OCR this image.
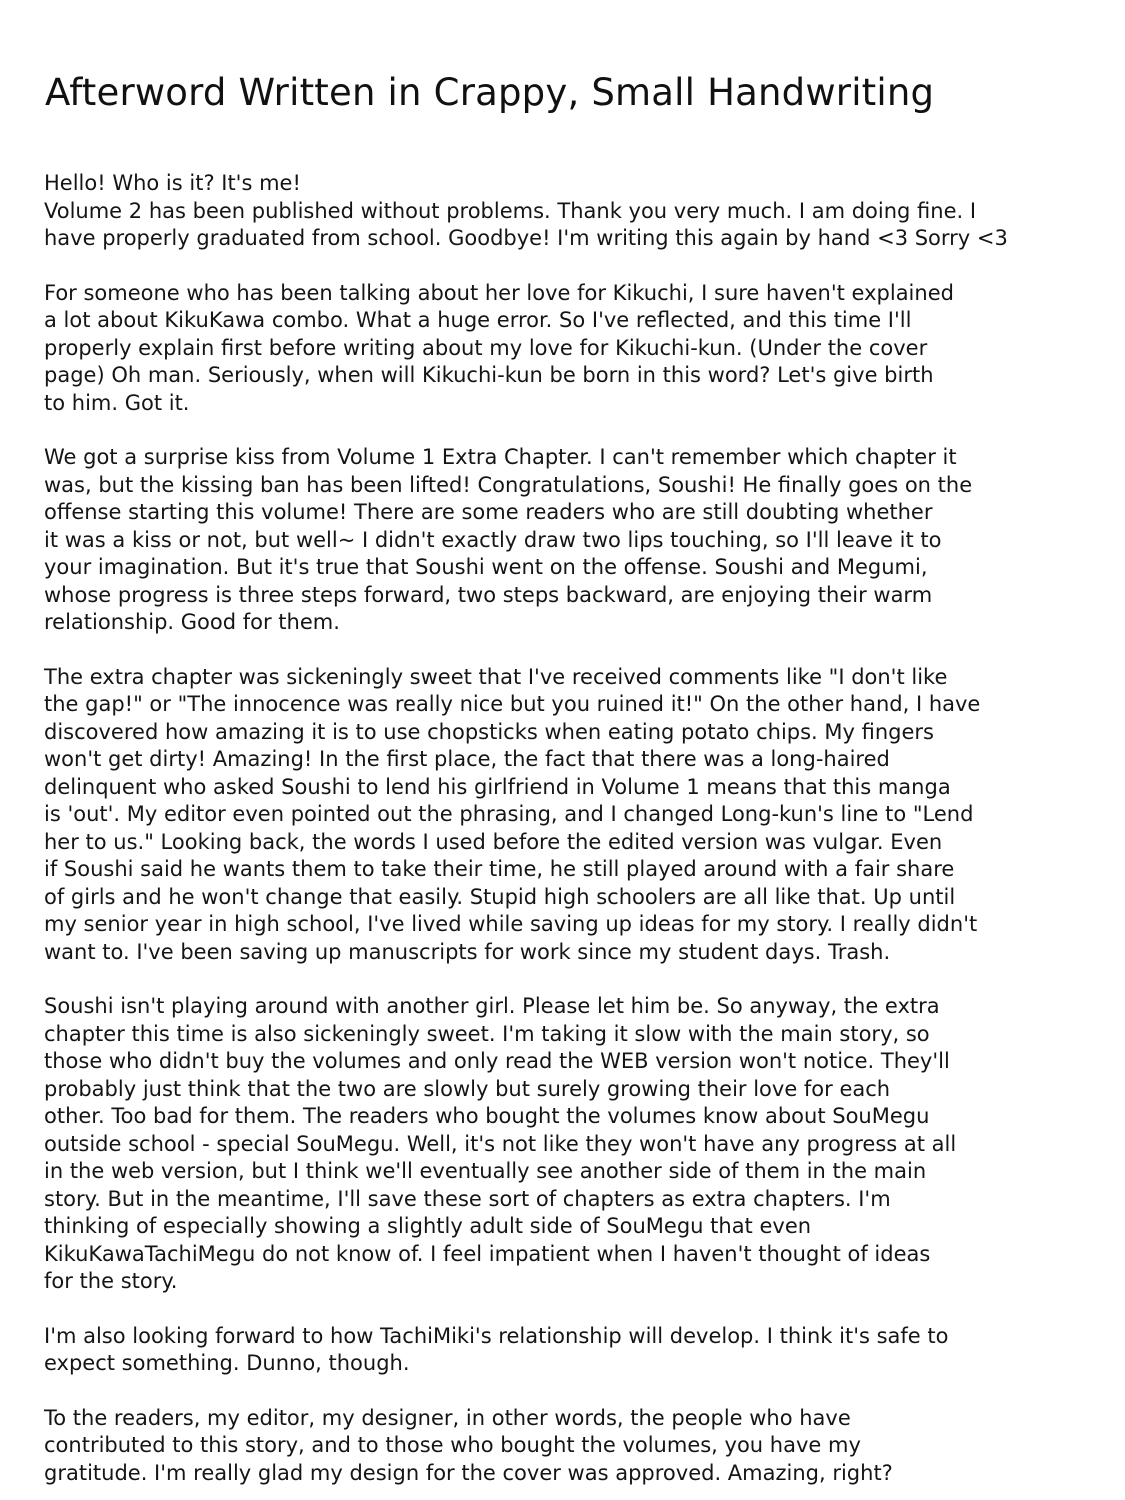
Afterword Written in Crappy, Small Handwriting
Hello! Who is it? It's me!
Volume 2 has been published without problems. Thank you very much. I am doing fine. I
have properly graduated from school. Goodbye! I'm writing this again by hand <3 Sorry <3
For someone who has been talking about her love for Kikuchi, I sure haven't explained
a lot about KikuKawa combo. What a huge error. So I've reflected, and this time I'll
properly explain first before writing about my love for Kikuchi-kun. (Under the cover
page) Oh man. Seriously, when will Kikuchi-kun be born in this word? Let's give birth
to him. Got it.
We got a surprise kiss from Volume 1 Extra Chapter. I can't remember which chapter it
was, but the kissing ban has been lifted! Congratulations, Soushi! He finally goes on the
offense starting this volume! There are some readers who are still doubting whether
it was a kiss or not, but well~ I didn't exactly draw two lips touching, so I'll leave it to
your imagination. But it's true that Soushi went on the offense. Soushi and Megumi,
whose progress is three steps forward, two steps backward, are enjoying their warm
relationship. Good for them.
The extra chapter was sickeningly sweet that I've received comments like "I don't like
the gap!" or "The innocence was really nice but you ruined it!" On the other hand, I have
discovered how amazing it is to use chopsticks when eating potato chips. My fingers
won't get dirty! Amazing! In the first place, the fact that there was a long-haired
delinquent who asked Soushi to lend his girlfriend in Volume 1 means that this manga
is 'out'. My editor even pointed out the phrasing, and I changed Long-kun's line to "Lend
her to us." Looking back, the words I used before the edited version was vulgar. Even
if Soushi said he wants them to take their time, he still played around with a fair share
of girls and he won't change that easily. Stupid high schoolers are all like that. Up until
my senior year in high school, I've lived while saving up ideas for my story. I really didn't
want to. I've been saving up manuscripts for work since my student days. Trash.
Soushi isn't playing around with another girl. Please let him be. So anyway, the extra
chapter this time is also sickeningly sweet. I'm taking it slow with the main story, so
those who didn't buy the volumes and only read the WEB version won't notice. They'll
probably just think that the two are slowly but surely growing their love for each
other. Too bad for them. The readers who bought the volumes know about SouMegu
outside school - special SouMegu. Well, it's not like they won't have any progress at all
in the web version, but I think we'll eventually see another side of them in the main
story. But in the meantime, I'll save these sort of chapters as extra chapters. I'm
thinking of especially showing a slightly adult side of SouMegu that even
KikuKawaTachiMegu do not know of. I feel impatient when I haven't thought of ideas
for the story.
I'm also looking forward to how TachiMiki's relationship will develop. I think it's safe to
expect something. Dunno, though.
To the readers, my editor, my designer, in other words, the people who have
contributed to this story, and to those who bought the volumes, you have my
gratitude. I'm really glad my design for the cover was approved. Amazing, right?
